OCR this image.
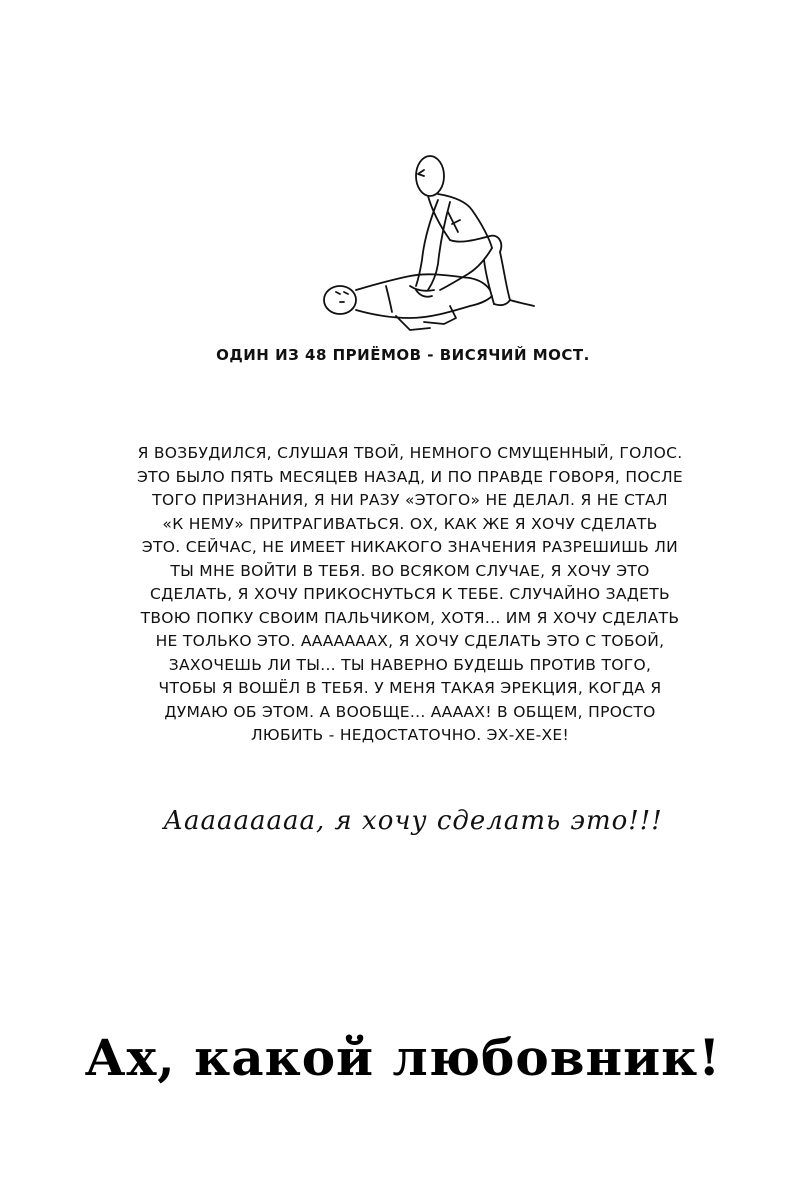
ОДИН ИЗ 48 ПРИЁМОВ - ВИСЯЧИЙ МОСТ.

Я ВОЗБУДИЛСЯ, СЛУШАЯ ТВОЙ, НЕМНОГО СМУЩЕННЫЙ, ГОЛОС.
ЭТО БЫЛО ПЯТЬ МЕСЯЦЕВ НАЗАД, И ПО ПРАВДЕ ГОВОРЯ, ПОСЛЕ
ТОГО ПРИЗНАНИЯ, Я НИ РАЗУ «ЭТОГО» НЕ ДЕЛАЛ. Я НЕ СТАЛ
«К НЕМУ» ПРИТРАГИВАТЬСЯ. ОХ, КАК ЖЕ Я ХОЧУ СДЕЛАТЬ
ЭТО. СЕЙЧАС, НЕ ИМЕЕТ НИКАКОГО ЗНАЧЕНИЯ РАЗРЕШИШЬ ЛИ
ТЫ МНЕ ВОЙТИ В ТЕБЯ. ВО ВСЯКОМ СЛУЧАЕ, Я ХОЧУ ЭТО
СДЕЛАТЬ, Я ХОЧУ ПРИКОСНУТЬСЯ К ТЕБЕ. СЛУЧАЙНО ЗАДЕТЬ
ТВОЮ ПОПКУ СВОИМ ПАЛЬЧИКОМ, ХОТЯ... ИМ Я ХОЧУ СДЕЛАТЬ
НЕ ТОЛЬКО ЭТО. АААААААХ, Я ХОЧУ СДЕЛАТЬ ЭТО С ТОБОЙ,
ЗАХОЧЕШЬ ЛИ ТЫ... ТЫ НАВЕРНО БУДЕШЬ ПРОТИВ ТОГО,
ЧТОБЫ Я ВОШЁЛ В ТЕБЯ. У МЕНЯ ТАКАЯ ЭРЕКЦИЯ, КОГДА Я
ДУМАЮ ОБ ЭТОМ. А ВООБЩЕ... ААААХ! В ОБЩЕМ, ПРОСТО
ЛЮБИТЬ - НЕДОСТАТОЧНО. ЭХ-ХЕ-ХЕ!

Ааааааааа, я хочу сделать это!!!
Ах, какой любовник!
